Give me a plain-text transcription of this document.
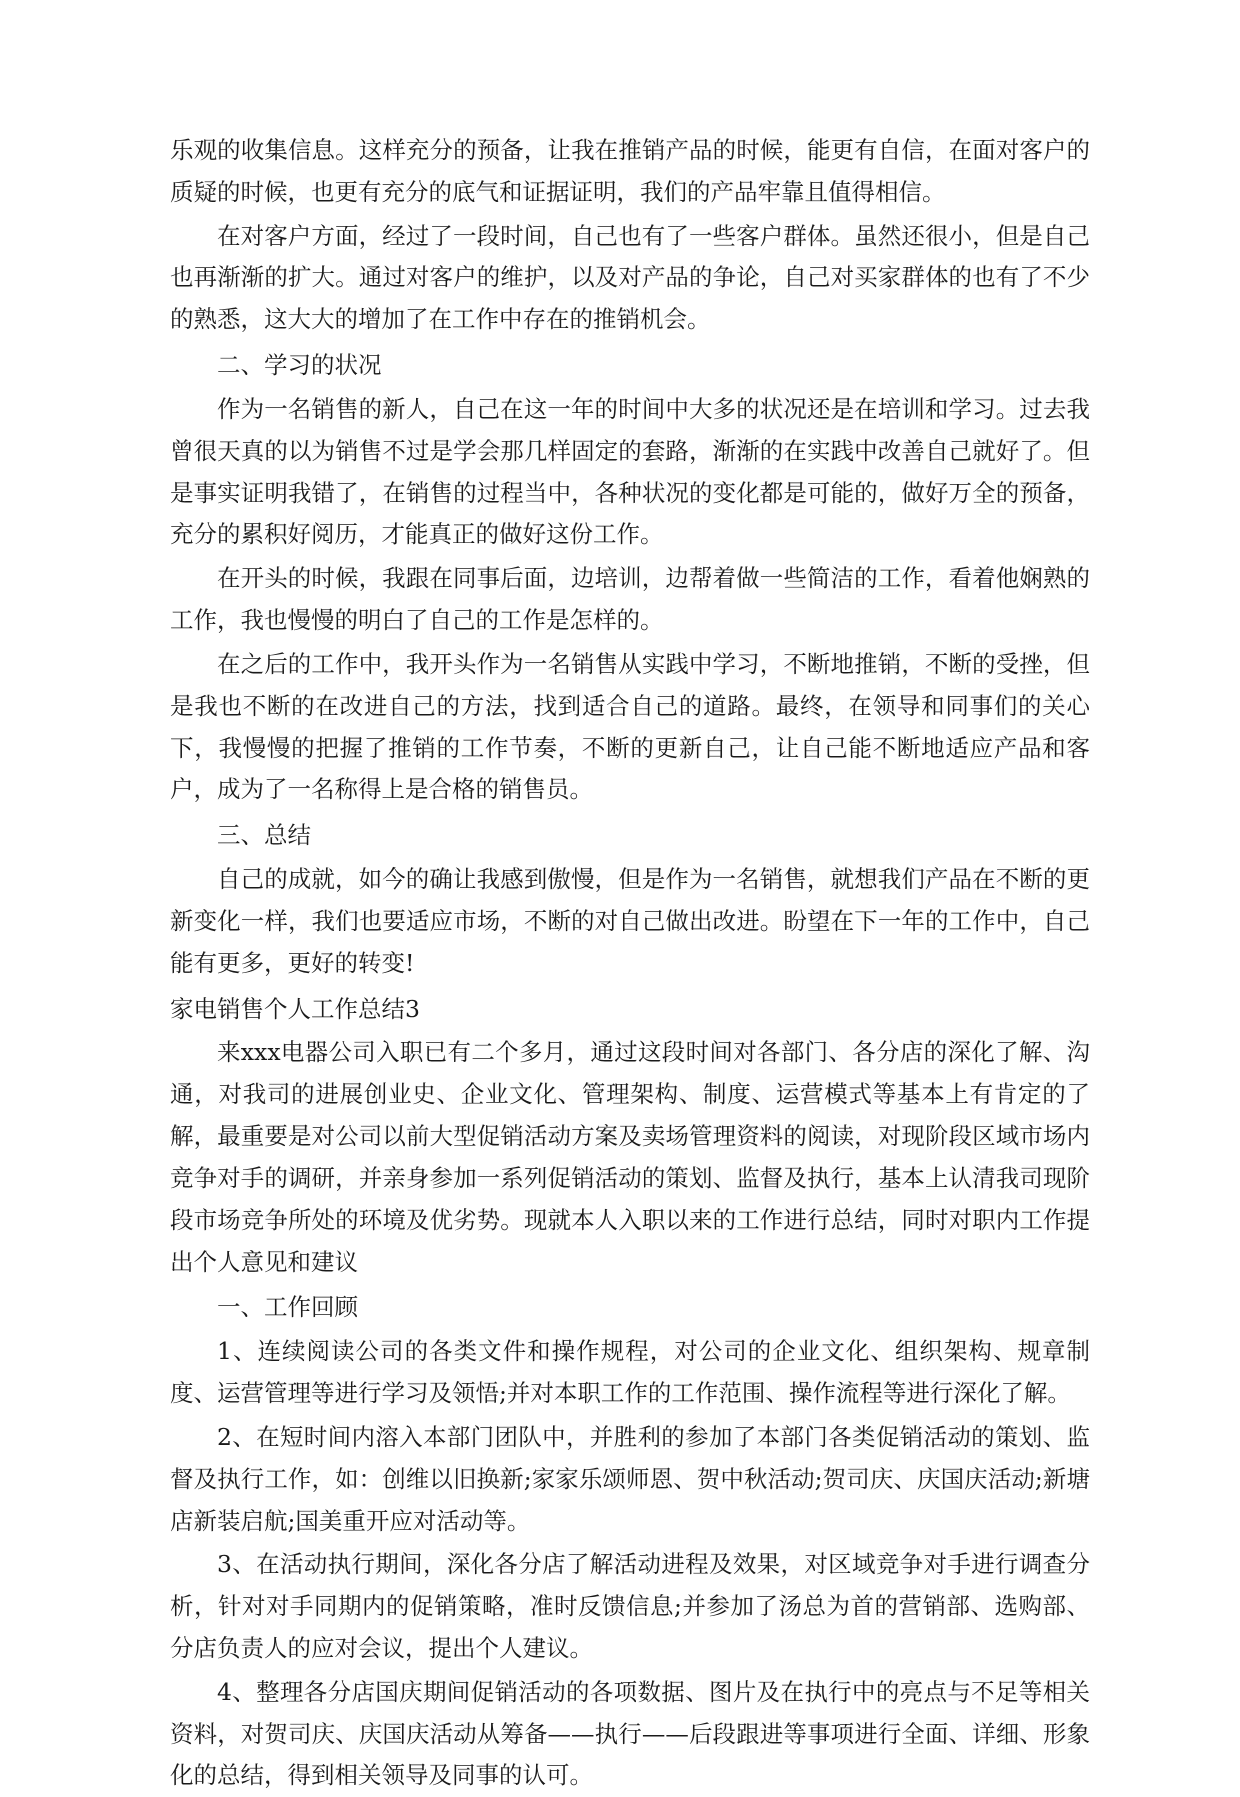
乐观的收集信息。这样充分的预备，让我在推销产品的时候，能更有自信，在面对客户的质疑的时候，也更有充分的底气和证据证明，我们的产品牢靠且值得相信。

在对客户方面，经过了一段时间，自己也有了一些客户群体。虽然还很小，但是自己也再渐渐的扩大。通过对客户的维护，以及对产品的争论，自己对买家群体的也有了不少的熟悉，这大大的增加了在工作中存在的推销机会。

二、学习的状况

作为一名销售的新人，自己在这一年的时间中大多的状况还是在培训和学习。过去我曾很天真的以为销售不过是学会那几样固定的套路，渐渐的在实践中改善自己就好了。但是事实证明我错了，在销售的过程当中，各种状况的变化都是可能的，做好万全的预备，充分的累积好阅历，才能真正的做好这份工作。

在开头的时候，我跟在同事后面，边培训，边帮着做一些简洁的工作，看着他娴熟的工作，我也慢慢的明白了自己的工作是怎样的。

在之后的工作中，我开头作为一名销售从实践中学习，不断地推销，不断的受挫，但是我也不断的在改进自己的方法，找到适合自己的道路。最终，在领导和同事们的关心下，我慢慢的把握了推销的工作节奏，不断的更新自己，让自己能不断地适应产品和客户，成为了一名称得上是合格的销售员。

三、总结

自己的成就，如今的确让我感到傲慢，但是作为一名销售，就想我们产品在不断的更新变化一样，我们也要适应市场，不断的对自己做出改进。盼望在下一年的工作中，自己能有更多，更好的转变!

家电销售个人工作总结3

来xxx电器公司入职已有二个多月，通过这段时间对各部门、各分店的深化了解、沟通，对我司的进展创业史、企业文化、管理架构、制度、运营模式等基本上有肯定的了解，最重要是对公司以前大型促销活动方案及卖场管理资料的阅读，对现阶段区域市场内竞争对手的调研，并亲身参加一系列促销活动的策划、监督及执行，基本上认清我司现阶段市场竞争所处的环境及优劣势。现就本人入职以来的工作进行总结，同时对职内工作提出个人意见和建议

一、工作回顾

1、连续阅读公司的各类文件和操作规程，对公司的企业文化、组织架构、规章制度、运营管理等进行学习及领悟;并对本职工作的工作范围、操作流程等进行深化了解。

2、在短时间内溶入本部门团队中，并胜利的参加了本部门各类促销活动的策划、监督及执行工作，如：创维以旧换新;家家乐颂师恩、贺中秋活动;贺司庆、庆国庆活动;新塘店新装启航;国美重开应对活动等。

3、在活动执行期间，深化各分店了解活动进程及效果，对区域竞争对手进行调查分析，针对对手同期内的促销策略，准时反馈信息;并参加了汤总为首的营销部、选购部、分店负责人的应对会议，提出个人建议。

4、整理各分店国庆期间促销活动的各项数据、图片及在执行中的亮点与不足等相关资料，对贺司庆、庆国庆活动从筹备——执行——后段跟进等事项进行全面、详细、形象化的总结，得到相关领导及同事的认可。
